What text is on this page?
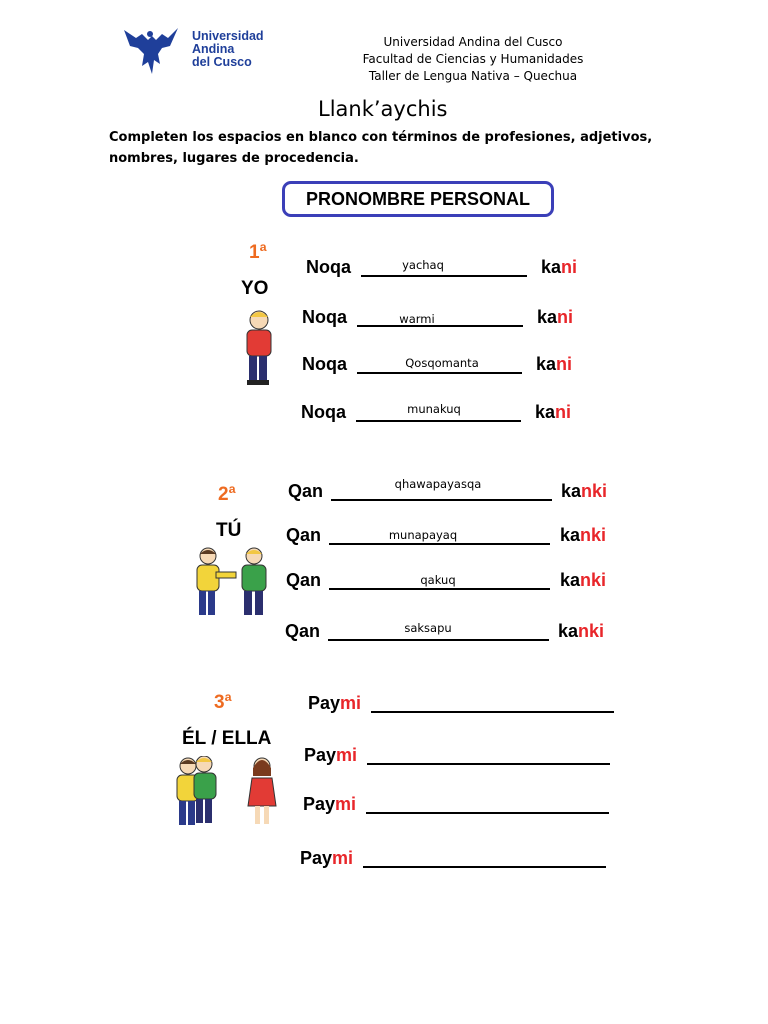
Universidad
Andina
del Cusco
Universidad Andina del Cusco
Facultad de Ciencias y Humanidades
Taller de Lengua Nativa – Quechua
Llank’aychis
Completen los espacios en blanco con términos de profesiones, adjetivos, nombres, lugares de procedencia.
PRONOMBRE PERSONAL
1ª
YO
Noqa	yachaq	kani
Noqa	warmi	kani
Noqa	Qosqomanta	kani
Noqa	munakuq	kani
2ª
TÚ
Qan	qhawapayasqa	kanki
Qan	munapayaq	kanki
Qan	qakuq	kanki
Qan	saksapu	kanki
3ª
ÉL / ELLA
Paymi
Paymi
Paymi
Paymi
